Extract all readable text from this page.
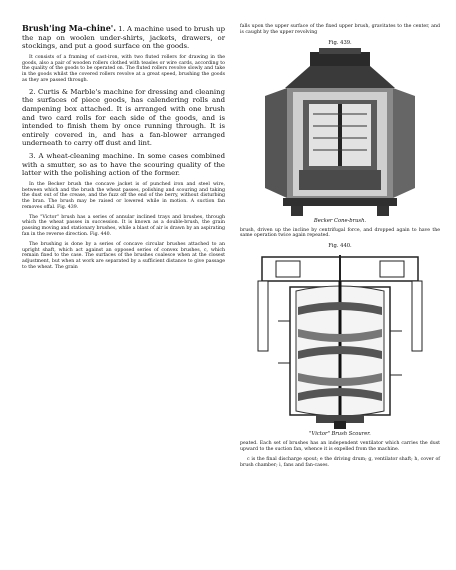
Brush'ing Ma-chine'. 1. A machine used to brush up the nap on woolen under-shirts, jackets, drawers, or stockings, and put a good surface on the goods.

It consists of a framing of cast-iron, with two fluted rollers for drawing in the goods, also a pair of wooden rollers clothed with teasles or wire cards, according to the quality of the goods to be operated on. The fluted rollers revolve slowly and take in the goods whilst the covered rollers revolve at a great speed, brushing the goods as they are passed through.

2. Curtis & Marble's machine for dressing and cleaning the surfaces of piece goods, has calendering rolls and dampening box attached. It is arranged with one brush and two card rolls for each side of the goods, and is intended to finish them by once running through. It is entirely covered in, and has a fan-blower arranged underneath to carry off dust and lint.

3. A wheat-cleaning machine. In some cases combined with a smutter, so as to have the scouring quality of the latter with the polishing action of the former.

In the Becker brush the concave jacket is of punched iron and steel wire, between which and the brush the wheat passes, polishing and scouring and taking the dust out of the crease, and the fuzz off the end of the berry, without disturbing the bran. The brush may be raised or lowered while in motion. A suction fan removes offal. Fig. 439.

The "Victor" brush has a series of annular inclined trays and brushes, through which the wheat passes in succession. It is known as a double-brush, the grain passing moving and stationary brushes, while a blast of air is drawn by an aspirating fan in the reverse direction. Fig. 440.

The brushing is done by a series of concave circular brushes attached to an upright shaft, which act against an opposed series of convex brushes, c, which remain fixed to the case. The surfaces of the brushes coalesce when at the closest adjustment, but when at work are separated by a sufficient distance to give passage to the wheat. The grain

falls upon the upper surface of the fixed upper brush, gravitates to the center, and is caught by the upper revolving

Fig. 439.
Becker Cone-brush.

brush, driven up the incline by centrifugal force, and dropped again to have the same operation twice again repeated.

Fig. 440.
"Victor" Brush Scourer.

peated. Each set of brushes has an independent ventilator which carries the dust upward to the suction fan, whence it is expelled from the machine.

c is the final discharge spout; e the driving drum; g, ventilator shaft; h, cover of brush chamber; i, fans and fan-cases.
